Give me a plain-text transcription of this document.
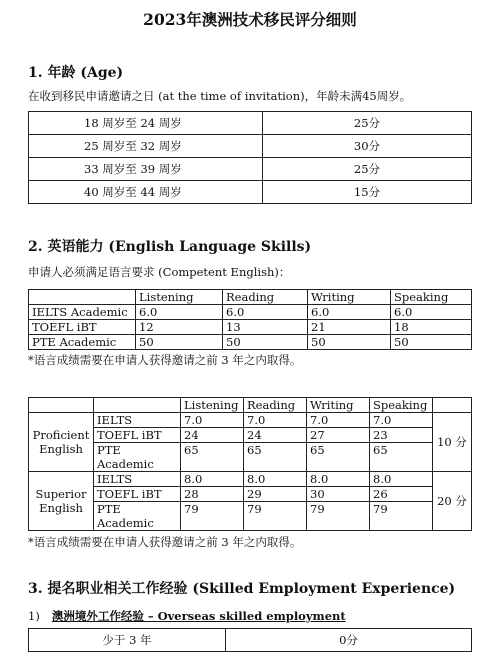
2023年澳洲技术移民评分细则
1. 年龄 (Age)
在收到移民申请邀请之日 (at the time of invitation)，年龄未满45周岁。
18 周岁至 24 周岁	25分
25 周岁至 32 周岁	30分
33 周岁至 39 周岁	25分
40 周岁至 44 周岁	15分
2. 英语能力 (English Language Skills)
申请人必须满足语言要求 (Competent English)：
	Listening	Reading	Writing	Speaking
IELTS Academic	6.0	6.0	6.0	6.0
TOEFL iBT	12	13	21	18
PTE Academic	50	50	50	50
*语言成绩需要在申请人获得邀请之前 3 年之内取得。
		Listening	Reading	Writing	Speaking	
Proficient English	IELTS	7.0	7.0	7.0	7.0	10 分
	TOEFL iBT	24	24	27	23	
	PTE Academic	65	65	65	65	
Superior English	IELTS	8.0	8.0	8.0	8.0	20 分
	TOEFL iBT	28	29	30	26	
	PTE Academic	79	79	79	79	
*语言成绩需要在申请人获得邀请之前 3 年之内取得。
3. 提名职业相关工作经验 (Skilled Employment Experience)
1) 澳洲境外工作经验 – Overseas skilled employment
少于 3 年	0分
